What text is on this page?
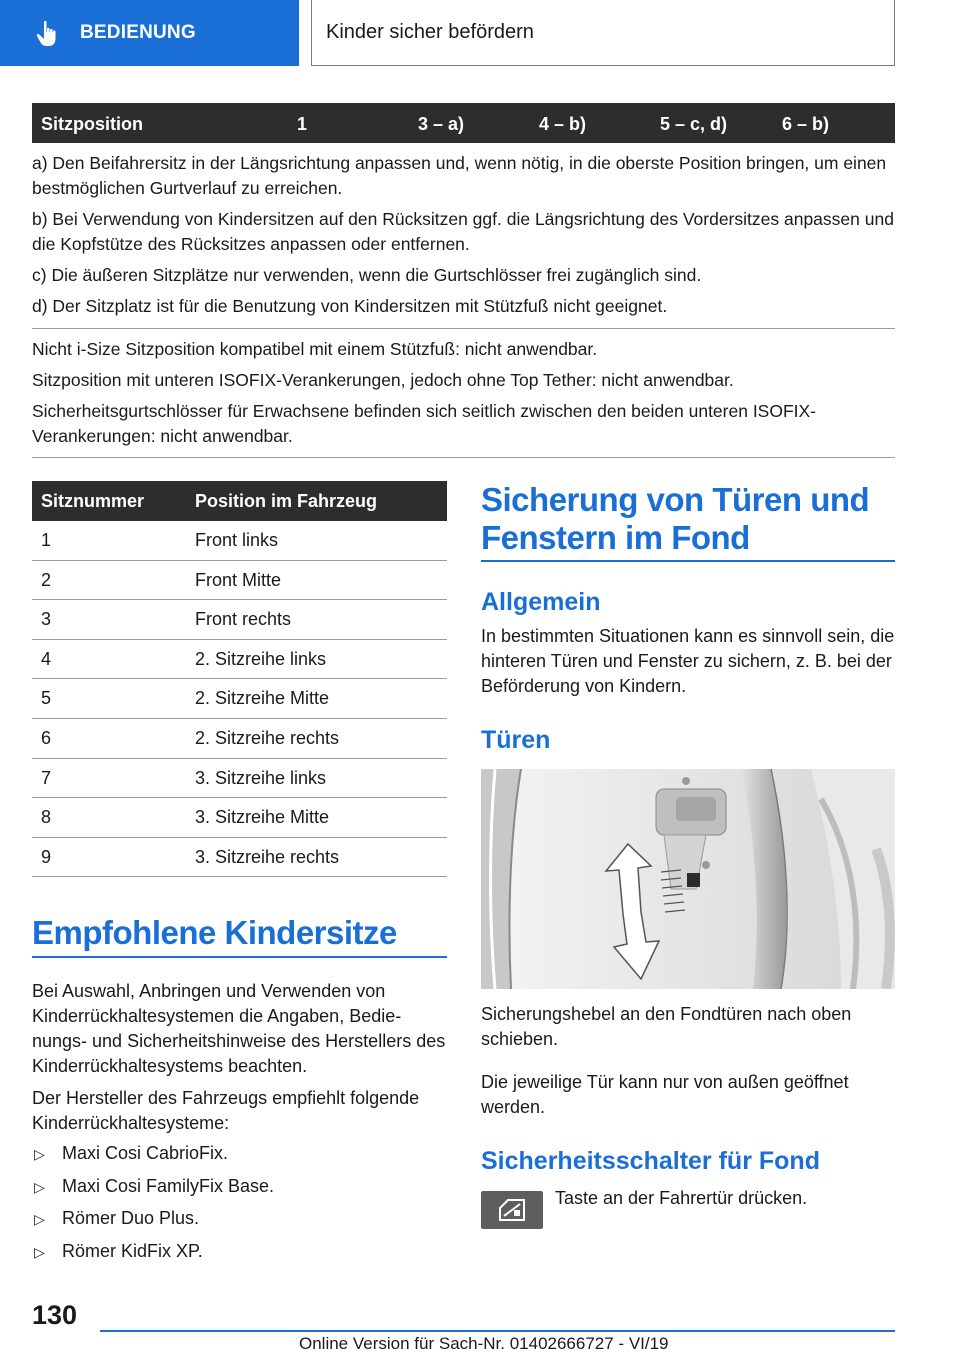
BEDIENUNG	Kinder sicher befördern
Sitzposition	1	3 – a)	4 – b)	5 – c, d)	6 – b)

a) Den Beifahrersitz in der Längsrichtung anpassen und, wenn nötig, in die oberste Position bringen, um einen bestmöglichen Gurtverlauf zu erreichen.

b) Bei Verwendung von Kindersitzen auf den Rücksitzen ggf. die Längsrichtung des Vordersitzes anpassen und die Kopfstütze des Rücksitzes anpassen oder entfernen.

c) Die äußeren Sitzplätze nur verwenden, wenn die Gurtschlösser frei zugänglich sind.

d) Der Sitzplatz ist für die Benutzung von Kindersitzen mit Stützfuß nicht geeignet.

Nicht i-Size Sitzposition kompatibel mit einem Stützfuß: nicht anwendbar.

Sitzposition mit unteren ISOFIX-Verankerungen, jedoch ohne Top Tether: nicht anwendbar.

Sicherheitsgurtschlösser für Erwachsene befinden sich seitlich zwischen den beiden unteren ISOFIX-Verankerungen: nicht anwendbar.

Sitznummer	Position im Fahrzeug
1	Front links
2	Front Mitte
3	Front rechts
4	2. Sitzreihe links
5	2. Sitzreihe Mitte
6	2. Sitzreihe rechts
7	3. Sitzreihe links
8	3. Sitzreihe Mitte
9	3. Sitzreihe rechts
Empfohlene Kindersitze
Bei Auswahl, Anbringen und Verwenden von Kinderrückhaltesystemen die Angaben, Bedienungs- und Sicherheitshinweise des Herstellers des Kinderrückhaltesystems beachten.
Der Hersteller des Fahrzeugs empfiehlt folgende Kinderrückhaltesysteme:
▷ Maxi Cosi CabrioFix.
▷ Maxi Cosi FamilyFix Base.
▷ Römer Duo Plus.
▷ Römer KidFix XP.
Sicherung von Türen und
Fenstern im Fond
Allgemein
In bestimmten Situationen kann es sinnvoll sein, die hinteren Türen und Fenster zu sichern, z. B. bei der Beförderung von Kindern.
Türen
Sicherungshebel an den Fondtüren nach oben schieben.
Die jeweilige Tür kann nur von außen geöffnet werden.
Sicherheitsschalter für Fond
Taste an der Fahrertür drücken.
130
Online Version für Sach-Nr. 01402666727 - VI/19
